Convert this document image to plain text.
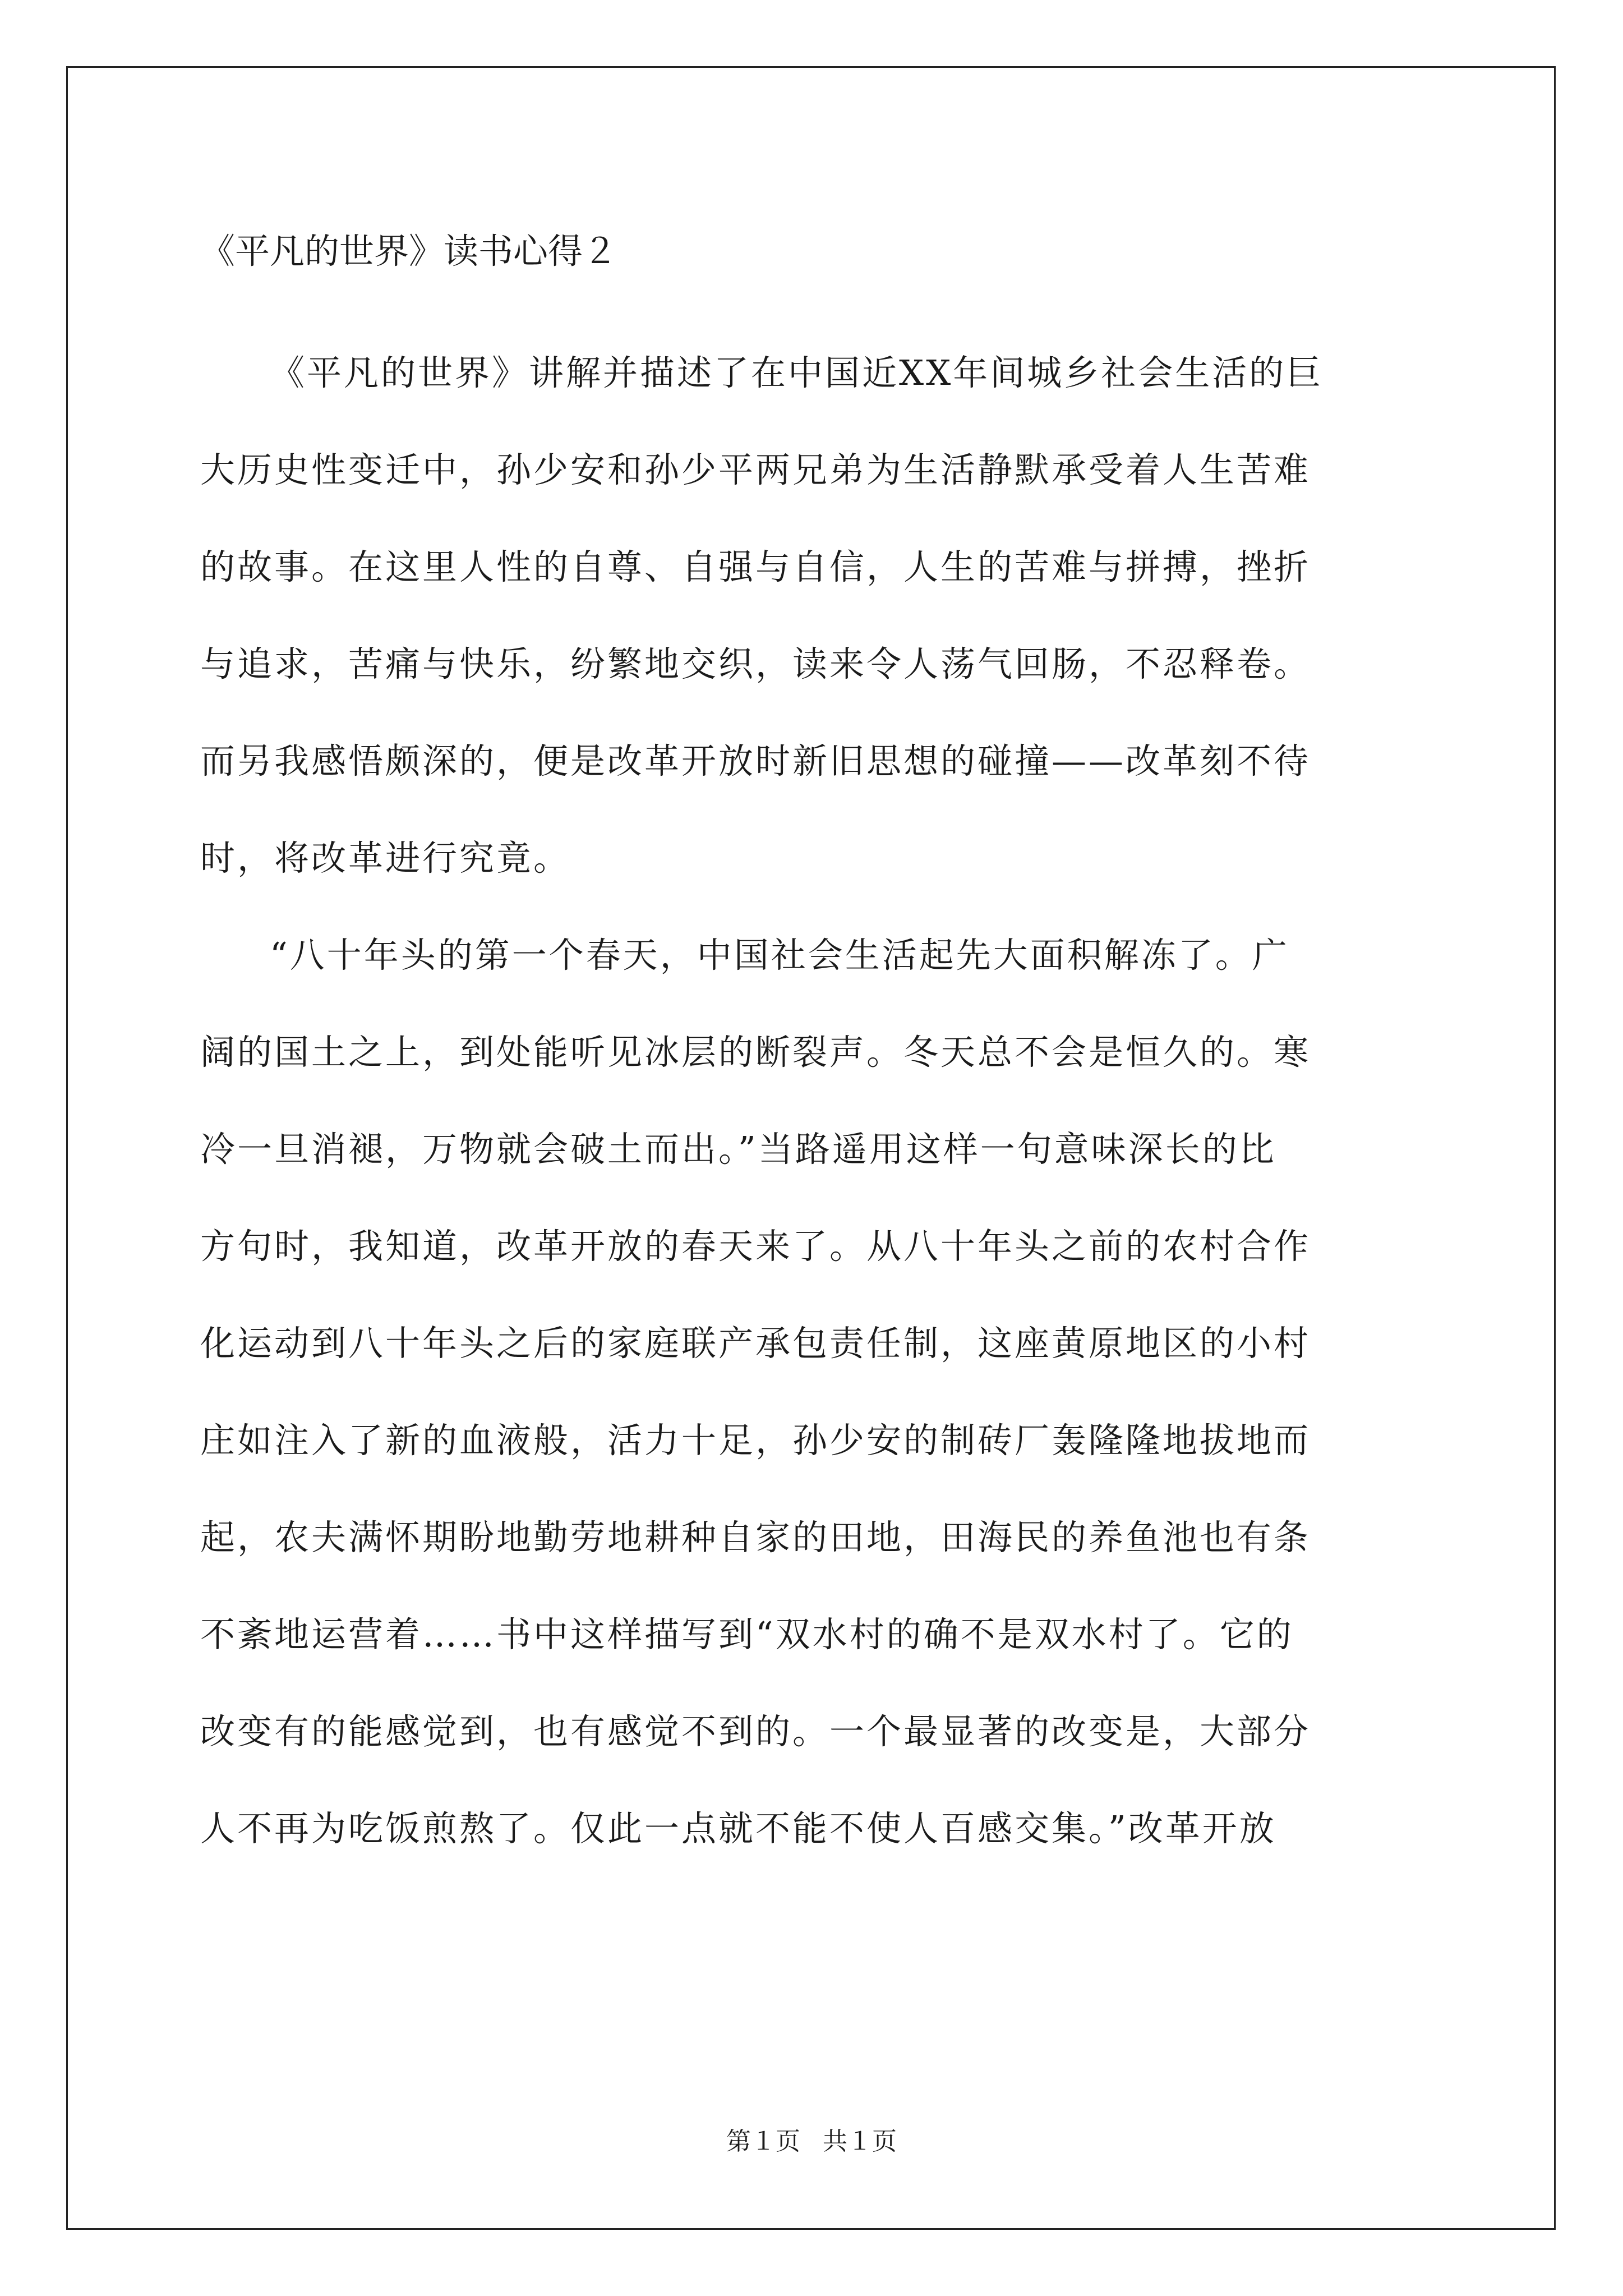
《平凡的世界》读书心得２
《平凡的世界》讲解并描述了在中国近XX年间城乡社会生活的巨
大历史性变迁中，孙少安和孙少平两兄弟为生活静默承受着人生苦难
的故事。在这里人性的自尊、自强与自信，人生的苦难与拼搏，挫折
与追求，苦痛与快乐，纷繁地交织，读来令人荡气回肠，不忍释卷。
而另我感悟颇深的，便是改革开放时新旧思想的碰撞——改革刻不待
时，将改革进行究竟。
“八十年头的第一个春天，中国社会生活起先大面积解冻了。广
阔的国土之上，到处能听见冰层的断裂声。冬天总不会是恒久的。寒
冷一旦消褪，万物就会破土而出。”当路遥用这样一句意味深长的比
方句时，我知道，改革开放的春天来了。从八十年头之前的农村合作
化运动到八十年头之后的家庭联产承包责任制，这座黄原地区的小村
庄如注入了新的血液般，活力十足，孙少安的制砖厂轰隆隆地拔地而
起，农夫满怀期盼地勤劳地耕种自家的田地，田海民的养鱼池也有条
不紊地运营着……书中这样描写到“双水村的确不是双水村了。它的
改变有的能感觉到，也有感觉不到的。一个最显著的改变是，大部分
人不再为吃饭煎熬了。仅此一点就不能不使人百感交集。”改革开放
第１页 共１页
